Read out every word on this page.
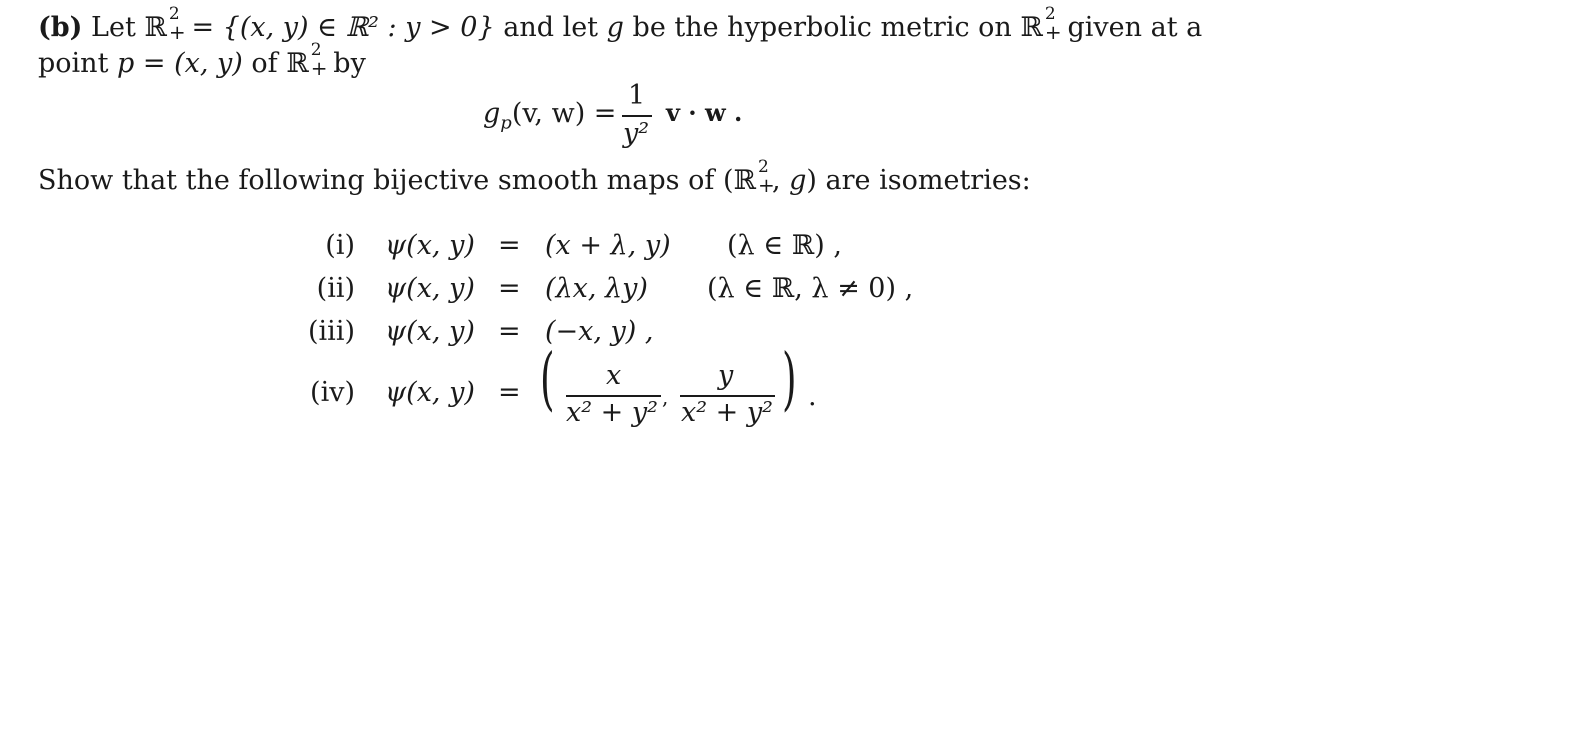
(b) Let ℝ 2
+ = {(x, y) ∈ ℝ² : y > 0} and let g be the hyperbolic metric on ℝ 2
+ given at a
point p = (x, y) of ℝ 2
+ by
$g_p(v$, w) =
1
y²
v · w .
Show that the following bijective smooth maps of (ℝ 2
+
, g) are isometries:
(i) ψ(x, y) = (x + λ, y) (λ ∈ ℝ) ,
(ii) ψ(x, y) = (λx, λy) (λ ∈ ℝ, λ ≠ 0) ,
(iii) ψ(x, y) = (−x, y) ,
(iv) ψ(x, y) = ( x
x² + y² ,
y
x² + y² ) .
